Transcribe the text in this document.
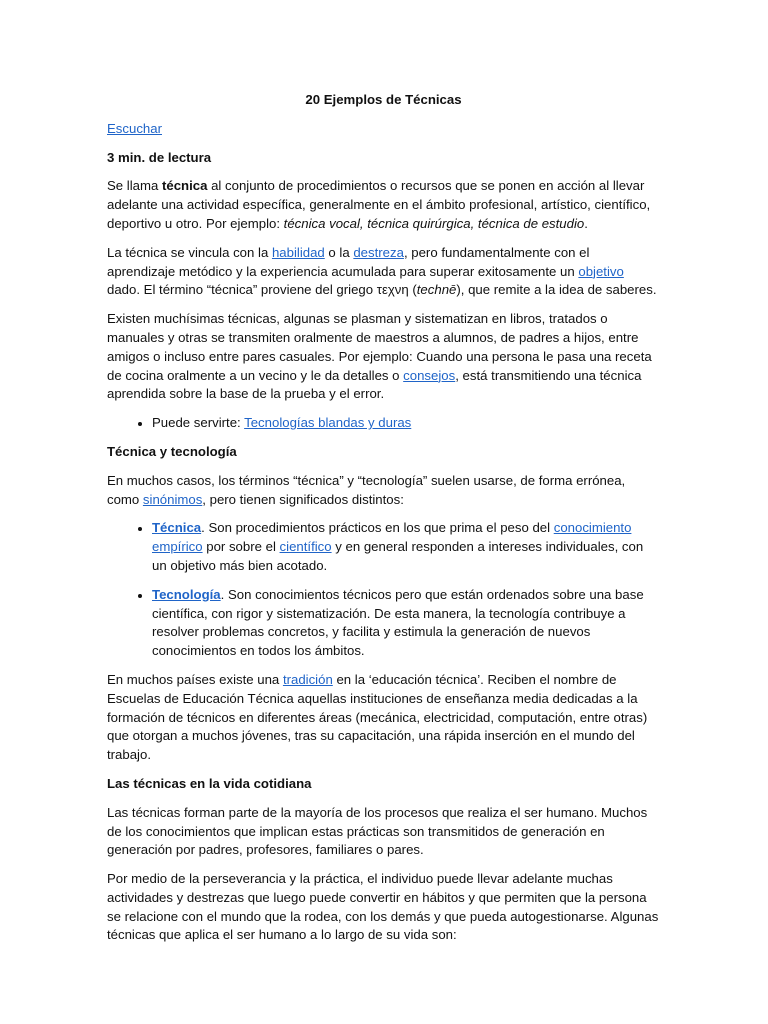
20 Ejemplos de Técnicas

Escuchar

3 min. de lectura

Se llama técnica al conjunto de procedimientos o recursos que se ponen en acción al llevar adelante una actividad específica, generalmente en el ámbito profesional, artístico, científico, deportivo u otro. Por ejemplo: técnica vocal, técnica quirúrgica, técnica de estudio.

La técnica se vincula con la habilidad o la destreza, pero fundamentalmente con el aprendizaje metódico y la experiencia acumulada para superar exitosamente un objetivo dado. El término “técnica” proviene del griego τεχνη (technē), que remite a la idea de saberes.

Existen muchísimas técnicas, algunas se plasman y sistematizan en libros, tratados o manuales y otras se transmiten oralmente de maestros a alumnos, de padres a hijos, entre amigos o incluso entre pares casuales. Por ejemplo: Cuando una persona le pasa una receta de cocina oralmente a un vecino y le da detalles o consejos, está transmitiendo una técnica aprendida sobre la base de la prueba y el error.

• Puede servirte: Tecnologías blandas y duras
Técnica y tecnología

En muchos casos, los términos “técnica” y “tecnología” suelen usarse, de forma errónea, como sinónimos, pero tienen significados distintos:

• Técnica. Son procedimientos prácticos en los que prima el peso del conocimiento empírico por sobre el científico y en general responden a intereses individuales, con un objetivo más bien acotado.
• Tecnología. Son conocimientos técnicos pero que están ordenados sobre una base científica, con rigor y sistematización. De esta manera, la tecnología contribuye a resolver problemas concretos, y facilita y estimula la generación de nuevos conocimientos en todos los ámbitos.

En muchos países existe una tradición en la ‘educación técnica’. Reciben el nombre de Escuelas de Educación Técnica aquellas instituciones de enseñanza media dedicadas a la formación de técnicos en diferentes áreas (mecánica, electricidad, computación, entre otras) que otorgan a muchos jóvenes, tras su capacitación, una rápida inserción en el mundo del trabajo.

Las técnicas en la vida cotidiana

Las técnicas forman parte de la mayoría de los procesos que realiza el ser humano. Muchos de los conocimientos que implican estas prácticas son transmitidos de generación en generación por padres, profesores, familiares o pares.

Por medio de la perseverancia y la práctica, el individuo puede llevar adelante muchas actividades y destrezas que luego puede convertir en hábitos y que permiten que la persona se relacione con el mundo que la rodea, con los demás y que pueda autogestionarse. Algunas técnicas que aplica el ser humano a lo largo de su vida son:
